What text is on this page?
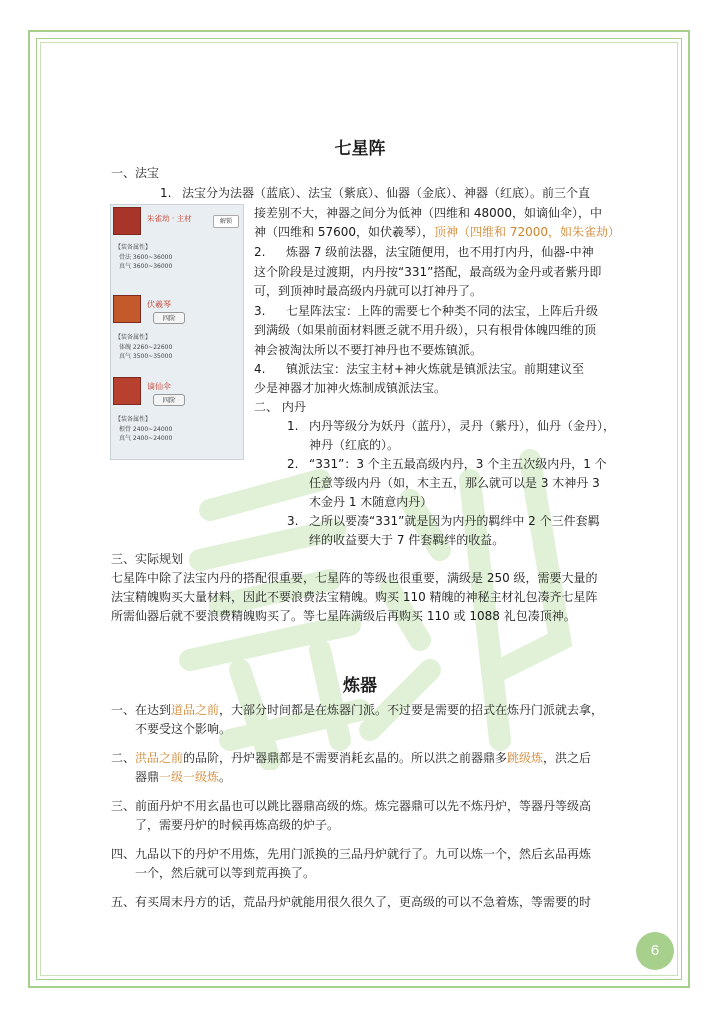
七星阵
一、法宝
1. 法宝分为法器（蓝底）、法宝（紫底）、仙器（金底）、神器（红底）。前三个直
接差别不大，神器之间分为低神（四维和 48000，如谪仙伞），中
神（四维和 57600，如伏羲琴），顶神（四维和 72000，如朱雀劫）
2. 炼器 7 级前法器，法宝随便用，也不用打内丹，仙器-中神
这个阶段是过渡期，内丹按“331”搭配，最高级为金丹或者紫丹即
可，到顶神时最高级内丹就可以打神丹了。
3. 七星阵法宝：上阵的需要七个种类不同的法宝，上阵后升级
到满级（如果前面材料匮乏就不用升级），只有根骨体魄四维的顶
神会被淘汰所以不要打神丹也不要炼镇派。
4. 镇派法宝：法宝主材+神火炼就是镇派法宝。前期建议至
少是神器才加神火炼制成镇派法宝。
二、 内丹
1. 内丹等级分为妖丹（蓝丹），灵丹（紫丹），仙丹（金丹），
神丹（红底的）。
2. “331”：3 个主五最高级内丹，3 个主五次级内丹，1 个
任意等级内丹（如，木主五，那么就可以是 3 木神丹 3
木金丹 1 木随意内丹）
3. 之所以要凑“331”就是因为内丹的羁绊中 2 个三件套羁
绊的收益要大于 7 件套羁绊的收益。
三、实际规划
七星阵中除了法宝内丹的搭配很重要，七星阵的等级也很重要，满级是 250 级，需要大量的
法宝精魄购买大量材料，因此不要浪费法宝精魄。购买 110 精魄的神秘主材礼包凑齐七星阵
所需仙器后就不要浪费精魄购买了。等七星阵满级后再购买 110 或 1088 礼包凑顶神。
朱雀劫 · 主材	解锁
【装备属性】
骨法 3600~36000
真气 3600~36000
伏羲琴
四阶
【装备属性】
体魄 2260~22600
真气 3500~35000
谪仙伞
四阶
【装备属性】
根骨 2400~24000
真气 2400~24000
炼器
一、 在达到道品之前，大部分时间都是在炼器门派。不过要是需要的招式在炼丹门派就去拿，
不要受这个影响。
二、 洪品之前的品阶，丹炉器鼎都是不需要消耗玄晶的。所以洪之前器鼎多跳级炼，洪之后
器鼎一级一级炼。
三、 前面丹炉不用玄晶也可以跳比器鼎高级的炼。炼完器鼎可以先不炼丹炉，等器丹等级高
了，需要丹炉的时候再炼高级的炉子。
四、 九品以下的丹炉不用炼，先用门派换的三品丹炉就行了。九可以炼一个，然后玄品再炼
一个，然后就可以等到荒再换了。
五、 有买周末丹方的话，荒品丹炉就能用很久很久了，更高级的可以不急着炼，等需要的时
6
